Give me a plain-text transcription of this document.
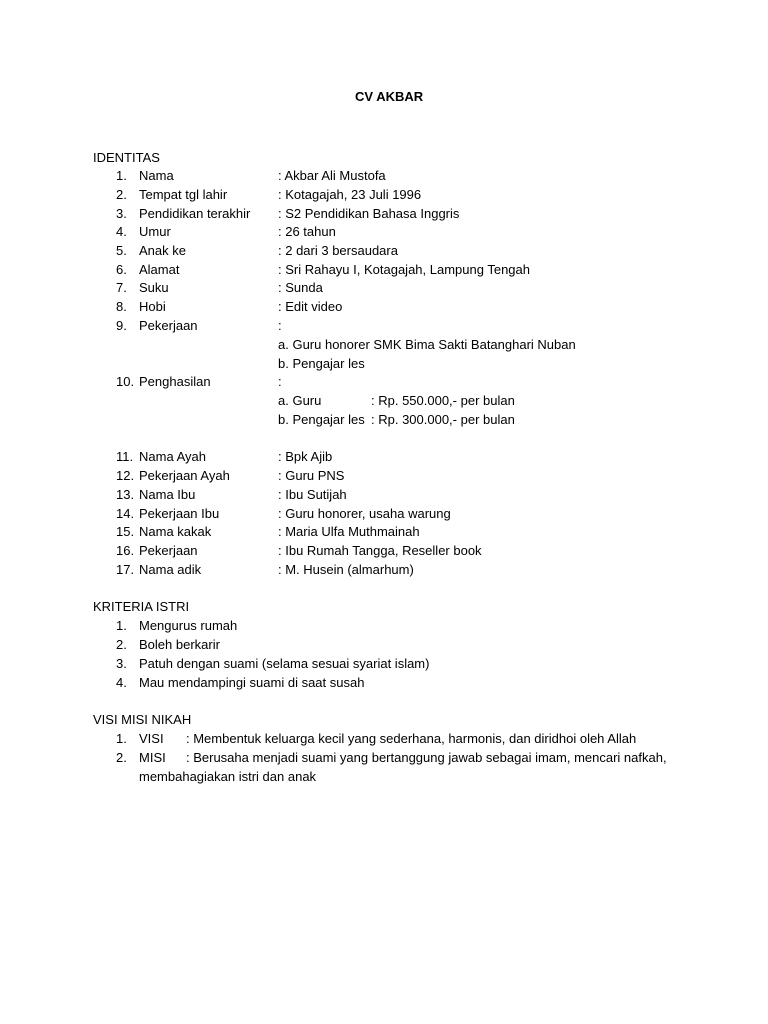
CV AKBAR
IDENTITAS
1. Nama	: Akbar Ali Mustofa
2. Tempat tgl lahir	: Kotagajah, 23 Juli 1996
3. Pendidikan terakhir : S2 Pendidikan Bahasa Inggris
4. Umur	: 26 tahun
5. Anak ke	: 2 dari 3 bersaudara
6. Alamat	: Sri Rahayu I, Kotagajah, Lampung Tengah
7. Suku	: Sunda
8. Hobi	: Edit video
9. Pekerjaan	:
a. Guru honorer SMK Bima Sakti Batanghari Nuban
b. Pengajar les
10. Penghasilan	:
a. Guru	: Rp. 550.000,- per bulan
b. Pengajar les : Rp. 300.000,- per bulan
11. Nama Ayah	: Bpk Ajib
12. Pekerjaan Ayah	: Guru PNS
13. Nama Ibu	: Ibu Sutijah
14. Pekerjaan Ibu	: Guru honorer, usaha warung
15. Nama kakak	: Maria Ulfa Muthmainah
16. Pekerjaan	: Ibu Rumah Tangga, Reseller book
17. Nama adik	: M. Husein (almarhum)
KRITERIA ISTRI
1. Mengurus rumah
2. Boleh berkarir
3. Patuh dengan suami (selama sesuai syariat islam)
4. Mau mendampingi suami di saat susah
VISI MISI NIKAH
1. VISI : Membentuk keluarga kecil yang sederhana, harmonis, dan diridhoi oleh Allah
2. MISI : Berusaha menjadi suami yang bertanggung jawab sebagai imam, mencari nafkah,
membahagiakan istri dan anak
